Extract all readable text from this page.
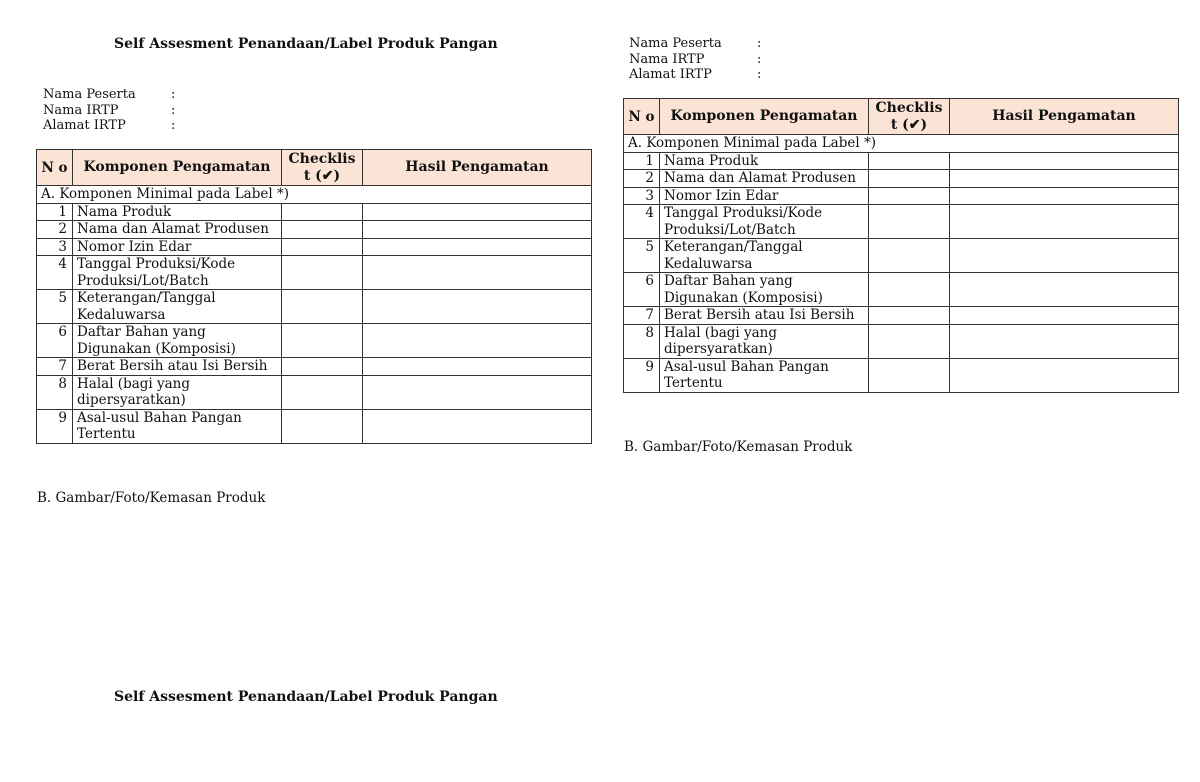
Self Assesment Penandaan/Label Produk Pangan
Nama Peserta	:
Nama IRTP	:
Alamat IRTP	:
N o	Komponen Pengamatan	Checklis t (✔)	Hasil Pengamatan
A. Komponen Minimal pada Label *)			
1	Nama Produk		
2	Nama dan Alamat Produsen		
3	Nomor Izin Edar		
4	Tanggal Produksi/Kode Produksi/Lot/Batch		
5	Keterangan/Tanggal Kedaluwarsa		
6	Daftar Bahan yang Digunakan (Komposisi)		
7	Berat Bersih atau Isi Bersih		
8	Halal (bagi yang dipersyaratkan)		
9	Asal-usul Bahan Pangan Tertentu		
B. Gambar/Foto/Kemasan Produk
Self Assesment Penandaan/Label Produk Pangan
Nama Peserta	:
Nama IRTP	:
Alamat IRTP	:
N o	Komponen Pengamatan	Checklis t (✔)	Hasil Pengamatan
A. Komponen Minimal pada Label *)			
1	Nama Produk		
2	Nama dan Alamat Produsen		
3	Nomor Izin Edar		
4	Tanggal Produksi/Kode Produksi/Lot/Batch		
5	Keterangan/Tanggal Kedaluwarsa		
6	Daftar Bahan yang Digunakan (Komposisi)		
7	Berat Bersih atau Isi Bersih		
8	Halal (bagi yang dipersyaratkan)		
9	Asal-usul Bahan Pangan Tertentu		
B. Gambar/Foto/Kemasan Produk
